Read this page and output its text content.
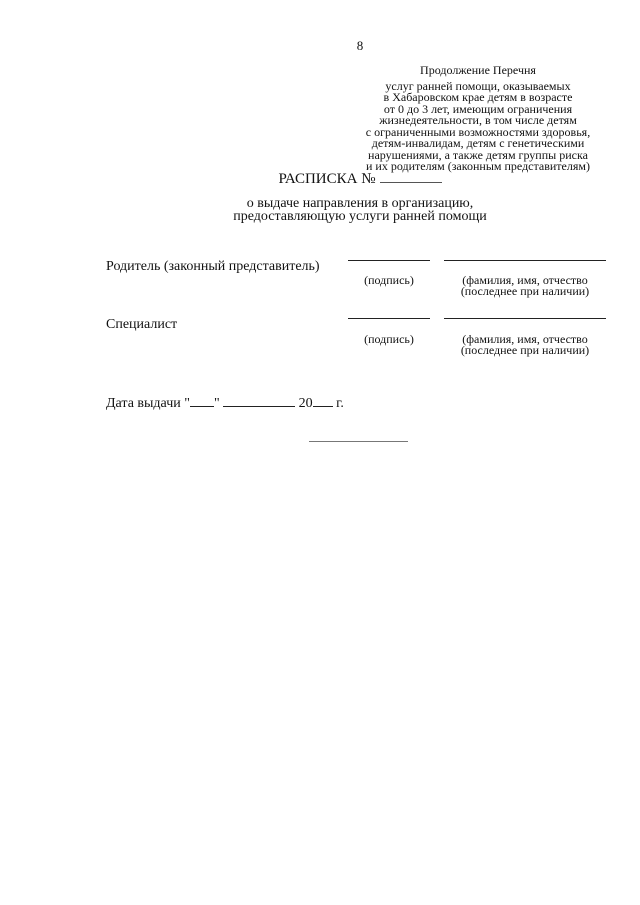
8
Продолжение Перечня
услуг ранней помощи, оказываемых
в Хабаровском крае детям в возрасте
от 0 до 3 лет, имеющим ограничения
жизнедеятельности, в том числе детям
с ограниченными возможностями здоровья,
детям-инвалидам, детям с генетическими
нарушениями, а также детям группы риска
и их родителям (законным представителям)
РАСПИСКА №
о выдаче направления в организацию,
предоставляющую услуги ранней помощи
Родитель (законный представитель)
(подпись)	(фамилия, имя, отчество
(последнее при наличии)
Специалист
(подпись)	(фамилия, имя, отчество
(последнее при наличии)
Дата выдачи " "	20 г.
